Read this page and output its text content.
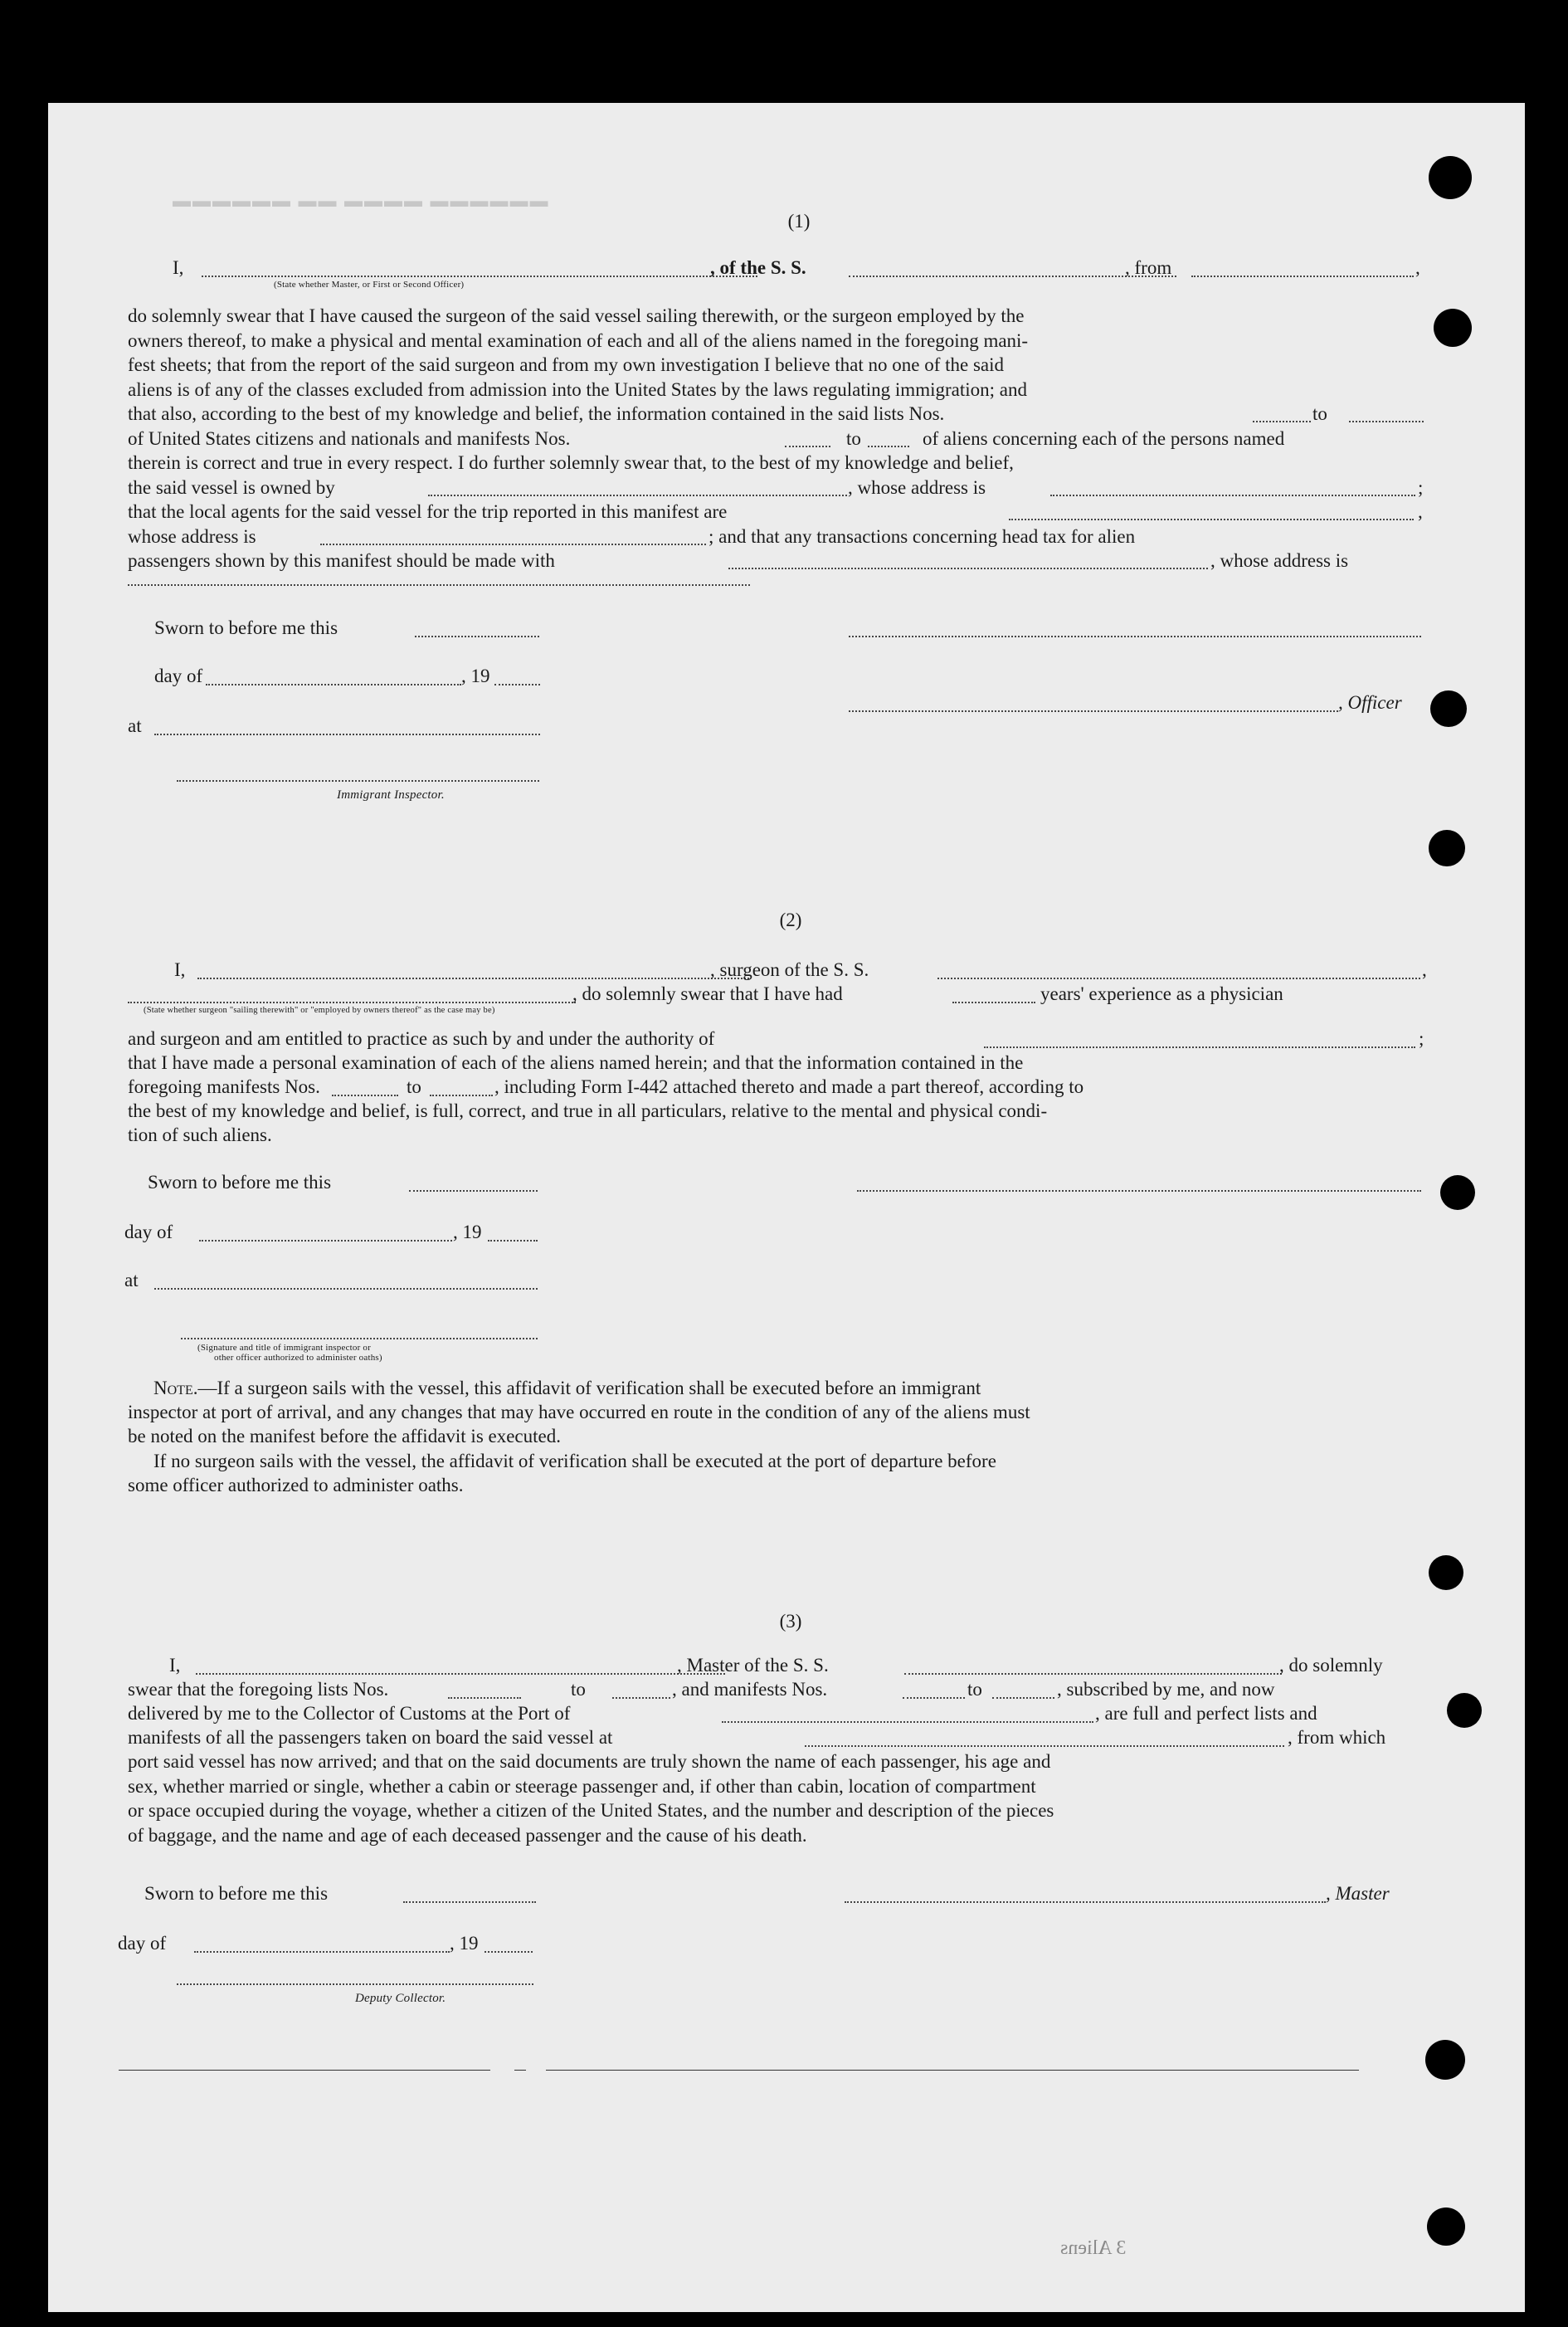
▬▬▬▬▬▬ ▬▬ ▬▬▬▬ ▬▬▬▬▬▬
(1)
I,	, of the S. S.	, from	,
(State whether Master, or First or Second Officer)
do solemnly swear that I have caused the surgeon of the said vessel sailing therewith, or the surgeon employed by the
owners thereof, to make a physical and mental examination of each and all of the aliens named in the foregoing mani-
fest sheets; that from the report of the said surgeon and from my own investigation I believe that no one of the said
aliens is of any of the classes excluded from admission into the United States by the laws regulating immigration; and
that also, according to the best of my knowledge and belief, the information contained in the said lists Nos.	to
of United States citizens and nationals and manifests Nos.	to	of aliens concerning each of the persons named
therein is correct and true in every respect. I do further solemnly swear that, to the best of my knowledge and belief,
the said vessel is owned by	, whose address is	;
that the local agents for the said vessel for the trip reported in this manifest are	,
whose address is	; and that any transactions concerning head tax for alien
passengers shown by this manifest should be made with	, whose address is
Sworn to before me this
day of	, 19
, Officer
at
Immigrant Inspector.
(2)
I,	, surgeon of the S. S.	,
, do solemnly swear that I have had	years' experience as a physician
(State whether surgeon "sailing therewith" or "employed by owners thereof" as the case may be)
and surgeon and am entitled to practice as such by and under the authority of	;
that I have made a personal examination of each of the aliens named herein; and that the information contained in the
foregoing manifests Nos.	to	, including Form I-442 attached thereto and made a part thereof, according to
the best of my knowledge and belief, is full, correct, and true in all particulars, relative to the mental and physical condi-
tion of such aliens.
Sworn to before me this
day of	, 19
at
(Signature and title of immigrant inspector or
other officer authorized to administer oaths)
Note.—If a surgeon sails with the vessel, this affidavit of verification shall be executed before an immigrant
inspector at port of arrival, and any changes that may have occurred en route in the condition of any of the aliens must
be noted on the manifest before the affidavit is executed.
If no surgeon sails with the vessel, the affidavit of verification shall be executed at the port of departure before
some officer authorized to administer oaths.
(3)
I,	, Master of the S. S.	, do solemnly
swear that the foregoing lists Nos.	to	, and manifests Nos.	to	, subscribed by me, and now
delivered by me to the Collector of Customs at the Port of	, are full and perfect lists and
manifests of all the passengers taken on board the said vessel at	, from which
port said vessel has now arrived; and that on the said documents are truly shown the name of each passenger, his age and
sex, whether married or single, whether a cabin or steerage passenger and, if other than cabin, location of compartment
or space occupied during the voyage, whether a citizen of the United States, and the number and description of the pieces
of baggage, and the name and age of each deceased passenger and the cause of his death.
Sworn to before me this	, Master
day of	, 19
Deputy Collector.
3 Aliens
